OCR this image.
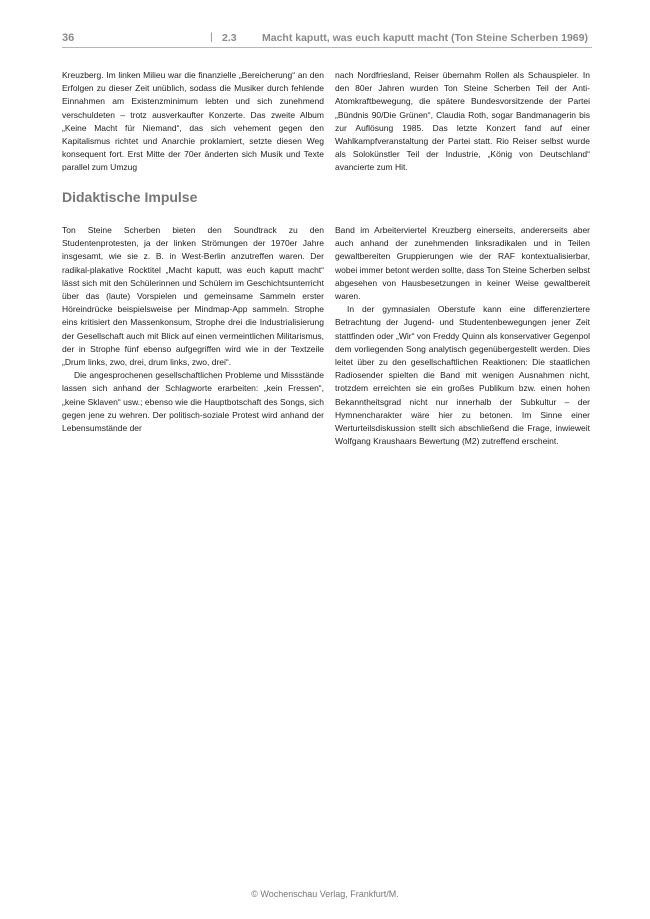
36	| 2.3 Macht kaputt, was euch kaputt macht (Ton Steine Scherben 1969)

Kreuzberg. Im linken Milieu war die finanzielle „Bereicherung“ an den Erfolgen zu dieser Zeit unüblich, sodass die Musiker durch fehlende Einnahmen am Existenzminimum lebten und sich zunehmend verschuldeten – trotz ausverkaufter Konzerte. Das zweite Album „Keine Macht für Niemand“, das sich vehement gegen den Kapitalismus richtet und Anarchie proklamiert, setzte diesen Weg konsequent fort. Erst Mitte der 70er änderten sich Musik und Texte parallel zum Umzug

nach Nordfriesland, Reiser übernahm Rollen als Schauspieler. In den 80er Jahren wurden Ton Steine Scherben Teil der Anti-Atomkraftbewegung, die spätere Bundesvorsitzende der Partei „Bündnis 90/Die Grünen“, Claudia Roth, sogar Bandmanagerin bis zur Auflösung 1985. Das letzte Konzert fand auf einer Wahlkampfveranstaltung der Partei statt. Rio Reiser selbst wurde als Solokünstler Teil der Industrie, „König von Deutschland“ avancierte zum Hit.

Didaktische Impulse

Ton Steine Scherben bieten den Soundtrack zu den Studentenprotesten, ja der linken Strömungen der 1970er Jahre insgesamt, wie sie z. B. in West-Berlin anzutreffen waren. Der radikal-plakative Rocktitel „Macht kaputt, was euch kaputt macht“ lässt sich mit den Schülerinnen und Schülern im Geschichtsunterricht über das (laute) Vorspielen und gemeinsame Sammeln erster Höreindrücke beispielsweise per Mindmap-App sammeln. Strophe eins kritisiert den Massenkonsum, Strophe drei die Industrialisierung der Gesellschaft auch mit Blick auf einen vermeintlichen Militarismus, der in Strophe fünf ebenso aufgegriffen wird wie in der Textzeile „Drum links, zwo, drei, drum links, zwo, drei“.

Die angesprochenen gesellschaftlichen Probleme und Missstände lassen sich anhand der Schlagworte erarbeiten: „kein Fressen“, „keine Sklaven“ usw.; ebenso wie die Hauptbotschaft des Songs, sich gegen jene zu wehren. Der politisch-soziale Protest wird anhand der Lebensumstände der

Band im Arbeiterviertel Kreuzberg einerseits, andererseits aber auch anhand der zunehmenden linksradikalen und in Teilen gewaltbereiten Gruppierungen wie der RAF kontextualisierbar, wobei immer betont werden sollte, dass Ton Steine Scherben selbst abgesehen von Hausbesetzungen in keiner Weise gewaltbereit waren.

In der gymnasialen Oberstufe kann eine differenziertere Betrachtung der Jugend- und Studentenbewegungen jener Zeit stattfinden oder „Wir“ von Freddy Quinn als konservativer Gegenpol dem vorliegenden Song analytisch gegenübergestellt werden. Dies leitet über zu den gesellschaftlichen Reaktionen: Die staatlichen Radiosender spielten die Band mit wenigen Ausnahmen nicht, trotzdem erreichten sie ein großes Publikum bzw. einen hohen Bekanntheitsgrad nicht nur innerhalb der Subkultur – der Hymnencharakter wäre hier zu betonen. Im Sinne einer Werturteilsdiskussion stellt sich abschließend die Frage, inwieweit Wolfgang Kraushaars Bewertung (M2) zutreffend erscheint.

© Wochenschau Verlag, Frankfurt/M.
